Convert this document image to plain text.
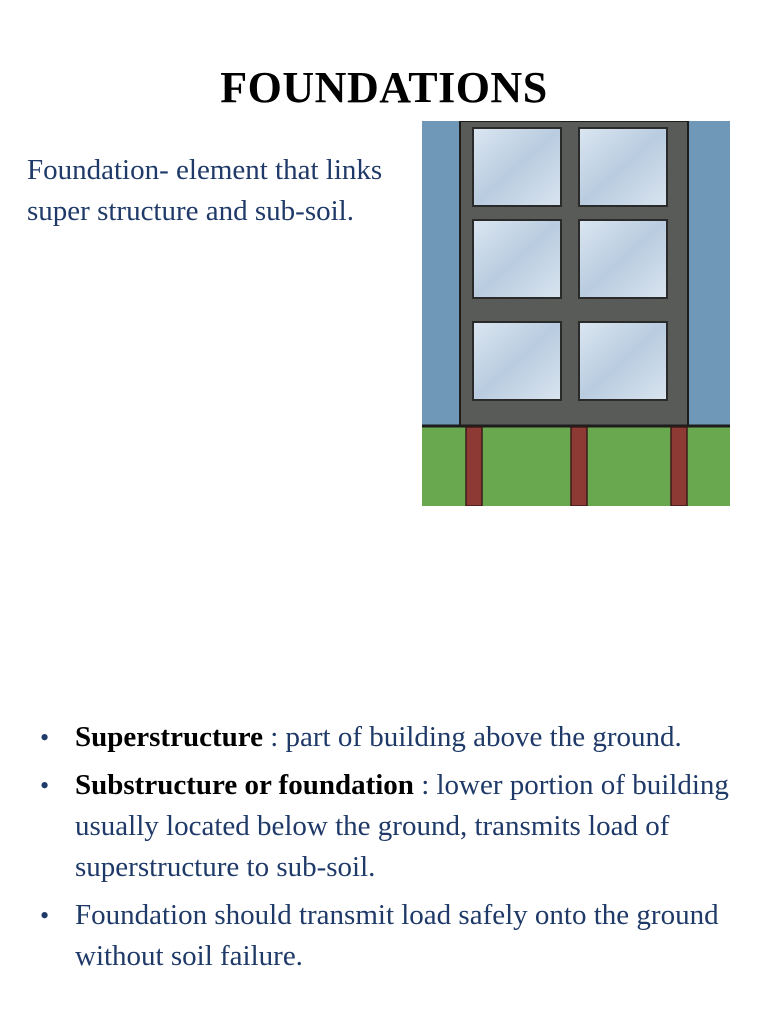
FOUNDATIONS

Foundation- element that links super structure and sub-soil.

• Superstructure : part of building above the ground.
• Substructure or foundation : lower portion of building usually located below the ground, transmits load of superstructure to sub-soil.
• Foundation should transmit load safely onto the ground without soil failure.
